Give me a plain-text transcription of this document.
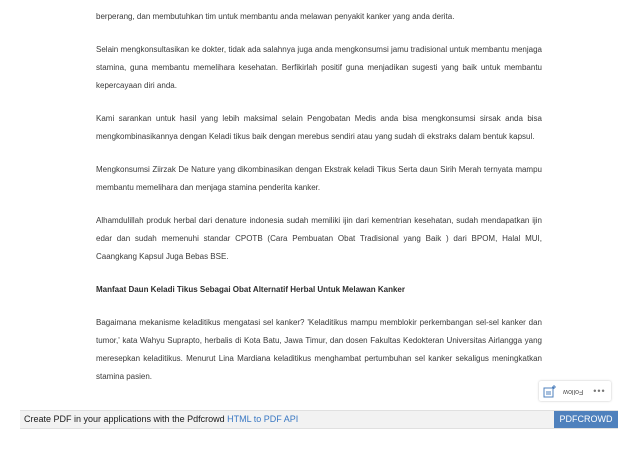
berperang, dan membutuhkan tim untuk membantu anda melawan penyakit kanker yang anda derita.

Selain mengkonsultasikan ke dokter, tidak ada salahnya juga anda mengkonsumsi jamu tradisional untuk membantu menjaga stamina, guna membantu memelihara kesehatan. Berfikirlah positif guna menjadikan sugesti yang baik untuk membantu kepercayaan diri anda.

Kami sarankan untuk hasil yang lebih maksimal selain Pengobatan Medis anda bisa mengkonsumsi sirsak anda bisa mengkombinasikannya dengan Keladi tikus baik dengan merebus sendiri atau yang sudah di ekstraks dalam bentuk kapsul.

Mengkonsumsi Ziirzak De Nature yang dikombinasikan dengan Ekstrak keladi Tikus Serta daun Sirih Merah ternyata mampu membantu memelihara dan menjaga stamina penderita kanker.

Alhamdulillah produk herbal dari denature indonesia sudah memiliki ijin dari kementrian kesehatan, sudah mendapatkan ijin edar dan sudah memenuhi standar CPOTB (Cara Pembuatan Obat Tradisional yang Baik ) dari BPOM, Halal MUI, Caangkang Kapsul Juga Bebas BSE.

Manfaat Daun Keladi Tikus Sebagai Obat Alternatif Herbal Untuk Melawan Kanker

Bagaimana mekanisme keladitikus mengatasi sel kanker? 'Keladitikus mampu memblokir perkembangan sel-sel kanker dan tumor,' kata Wahyu Suprapto, herbalis di Kota Batu, Jawa Timur, dan dosen Fakultas Kedokteran Universitas Airlangga yang meresepkan keladitikus. Menurut Lina Mardiana keladitikus menghambat pertumbuhan sel kanker sekaligus meningkatkan stamina pasien.

Follow •••
Create PDF in your applications with the Pdfcrowd HTML to PDF API	PDFCROWD
